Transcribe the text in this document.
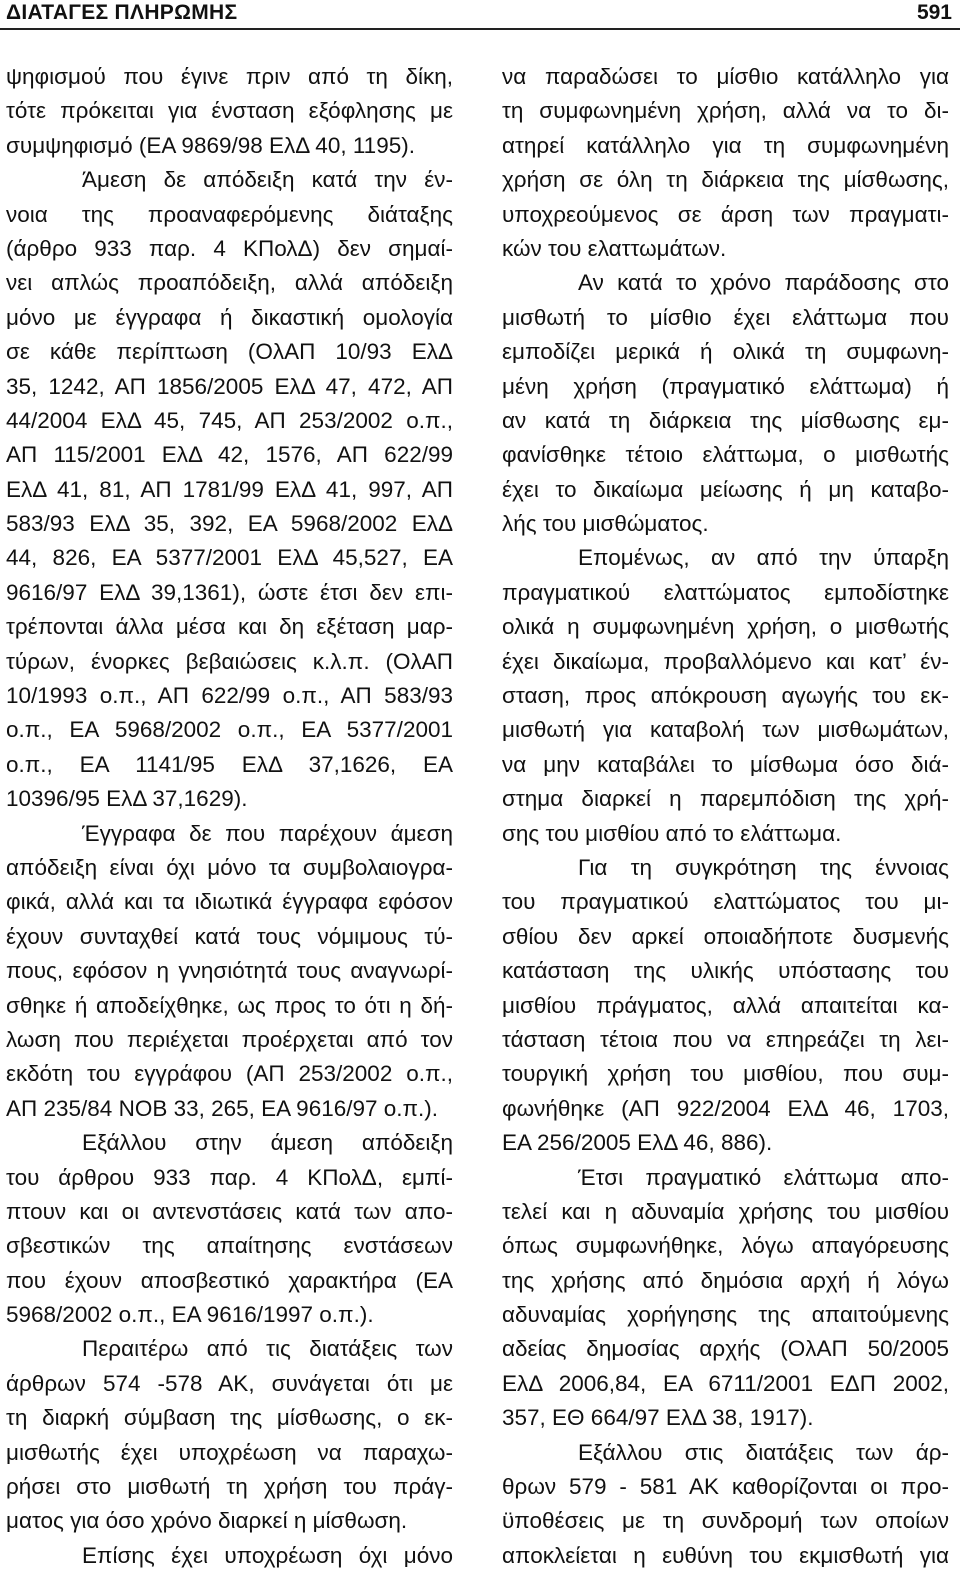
ΔΙΑΤΑΓΕΣ ΠΛΗΡΩΜΗΣ	591
ψηφισμού που έγινε πριν από τη δίκη,
τότε πρόκειται για ένσταση εξόφλησης με
συμψηφισμό (ΕΑ 9869/98 ΕλΔ 40, 1195).
Άμεση δε απόδειξη κατά την έν-
νοια της προαναφερόμενης διάταξης
(άρθρο 933 παρ. 4 ΚΠολΔ) δεν σημαί-
νει απλώς προαπόδειξη, αλλά απόδειξη
μόνο με έγγραφα ή δικαστική ομολογία
σε κάθε περίπτωση (ΟλΑΠ 10/93 ΕλΔ
35, 1242, ΑΠ 1856/2005 ΕλΔ 47, 472, ΑΠ
44/2004 ΕλΔ 45, 745, ΑΠ 253/2002 ο.π.,
ΑΠ 115/2001 ΕλΔ 42, 1576, ΑΠ 622/99
ΕλΔ 41, 81, ΑΠ 1781/99 ΕλΔ 41, 997, ΑΠ
583/93 ΕλΔ 35, 392, ΕΑ 5968/2002 ΕλΔ
44, 826, ΕΑ 5377/2001 ΕλΔ 45,527, ΕΑ
9616/97 ΕλΔ 39,1361), ώστε έτσι δεν επι-
τρέπονται άλλα μέσα και δη εξέταση μαρ-
τύρων, ένορκες βεβαιώσεις κ.λ.π. (ΟλΑΠ
10/1993 ο.π., ΑΠ 622/99 ο.π., ΑΠ 583/93
ο.π., ΕΑ 5968/2002 ο.π., ΕΑ 5377/2001
ο.π., ΕΑ 1141/95 ΕλΔ 37,1626, ΕΑ
10396/95 ΕλΔ 37,1629).
Έγγραφα δε που παρέχουν άμεση
απόδειξη είναι όχι μόνο τα συμβολαιογρα-
φικά, αλλά και τα ιδιωτικά έγγραφα εφόσον
έχουν συνταχθεί κατά τους νόμιμους τύ-
πους, εφόσον η γνησιότητά τους αναγνωρί-
σθηκε ή αποδείχθηκε, ως προς το ότι η δή-
λωση που περιέχεται προέρχεται από τον
εκδότη του εγγράφου (ΑΠ 253/2002 ο.π.,
ΑΠ 235/84 ΝΟΒ 33, 265, ΕΑ 9616/97 ο.π.).
Εξάλλου στην άμεση απόδειξη
του άρθρου 933 παρ. 4 ΚΠολΔ, εμπί-
πτουν και οι αντενστάσεις κατά των απο-
σβεστικών της απαίτησης ενστάσεων
που έχουν αποσβεστικό χαρακτήρα (ΕΑ
5968/2002 ο.π., ΕΑ 9616/1997 ο.π.).
Περαιτέρω από τις διατάξεις των
άρθρων 574 -578 ΑΚ, συνάγεται ότι με
τη διαρκή σύμβαση της μίσθωσης, ο εκ-
μισθωτής έχει υποχρέωση να παραχω-
ρήσει στο μισθωτή τη χρήση του πράγ-
ματος για όσο χρόνο διαρκεί η μίσθωση.
Επίσης έχει υποχρέωση όχι μόνο
να παραδώσει το μίσθιο κατάλληλο για
τη συμφωνημένη χρήση, αλλά να το δι-
ατηρεί κατάλληλο για τη συμφωνημένη
χρήση σε όλη τη διάρκεια της μίσθωσης,
υποχρεούμενος σε άρση των πραγματι-
κών του ελαττωμάτων.
Αν κατά το χρόνο παράδοσης στο
μισθωτή το μίσθιο έχει ελάττωμα που
εμποδίζει μερικά ή ολικά τη συμφωνη-
μένη χρήση (πραγματικό ελάττωμα) ή
αν κατά τη διάρκεια της μίσθωσης εμ-
φανίσθηκε τέτοιο ελάττωμα, ο μισθωτής
έχει το δικαίωμα μείωσης ή μη καταβο-
λής του μισθώματος.
Επομένως, αν από την ύπαρξη
πραγματικού ελαττώματος εμποδίστηκε
ολικά η συμφωνημένη χρήση, ο μισθωτής
έχει δικαίωμα, προβαλλόμενο και κατ’ έν-
σταση, προς απόκρουση αγωγής του εκ-
μισθωτή για καταβολή των μισθωμάτων,
να μην καταβάλει το μίσθωμα όσο διά-
στημα διαρκεί η παρεμπόδιση της χρή-
σης του μισθίου από το ελάττωμα.
Για τη συγκρότηση της έννοιας
του πραγματικού ελαττώματος του μι-
σθίου δεν αρκεί οποιαδήποτε δυσμενής
κατάσταση της υλικής υπόστασης του
μισθίου πράγματος, αλλά απαιτείται κα-
τάσταση τέτοια που να επηρεάζει τη λει-
τουργική χρήση του μισθίου, που συμ-
φωνήθηκε (ΑΠ 922/2004 ΕλΔ 46, 1703,
ΕΑ 256/2005 ΕλΔ 46, 886).
Έτσι πραγματικό ελάττωμα απο-
τελεί και η αδυναμία χρήσης του μισθίου
όπως συμφωνήθηκε, λόγω απαγόρευσης
της χρήσης από δημόσια αρχή ή λόγω
αδυναμίας χορήγησης της απαιτούμενης
αδείας δημοσίας αρχής (ΟλΑΠ 50/2005
ΕλΔ 2006,84, ΕΑ 6711/2001 ΕΔΠ 2002,
357, ΕΘ 664/97 ΕλΔ 38, 1917).
Εξάλλου στις διατάξεις των άρ-
θρων 579 - 581 ΑΚ καθορίζονται οι προ-
ϋποθέσεις με τη συνδρομή των οποίων
αποκλείεται η ευθύνη του εκμισθωτή για
